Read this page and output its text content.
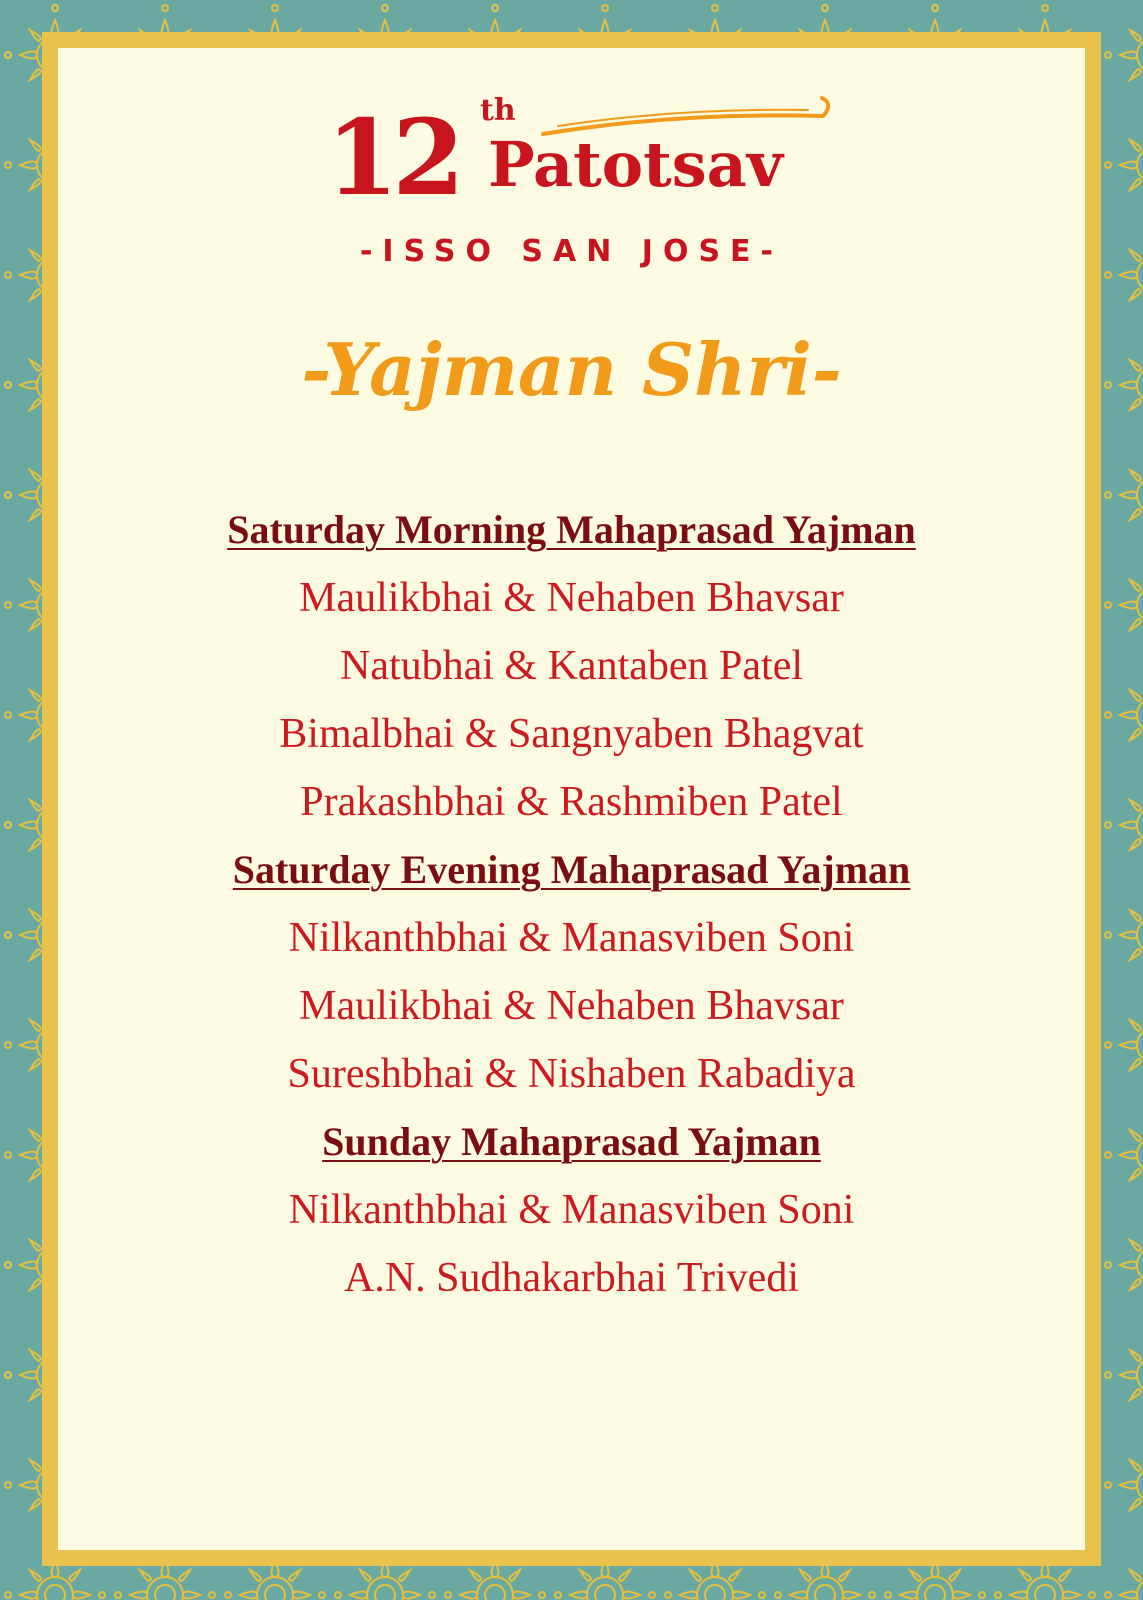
12 th
Patotsav
-ISSO SAN JOSE-
-Yajman Shri-
Saturday Morning Mahaprasad Yajman
Maulikbhai & Nehaben Bhavsar
Natubhai & Kantaben Patel
Bimalbhai & Sangnyaben Bhagvat
Prakashbhai & Rashmiben Patel
Saturday Evening Mahaprasad Yajman
Nilkanthbhai & Manasviben Soni
Maulikbhai & Nehaben Bhavsar
Sureshbhai & Nishaben Rabadiya
Sunday Mahaprasad Yajman
Nilkanthbhai & Manasviben Soni
A.N. Sudhakarbhai Trivedi
